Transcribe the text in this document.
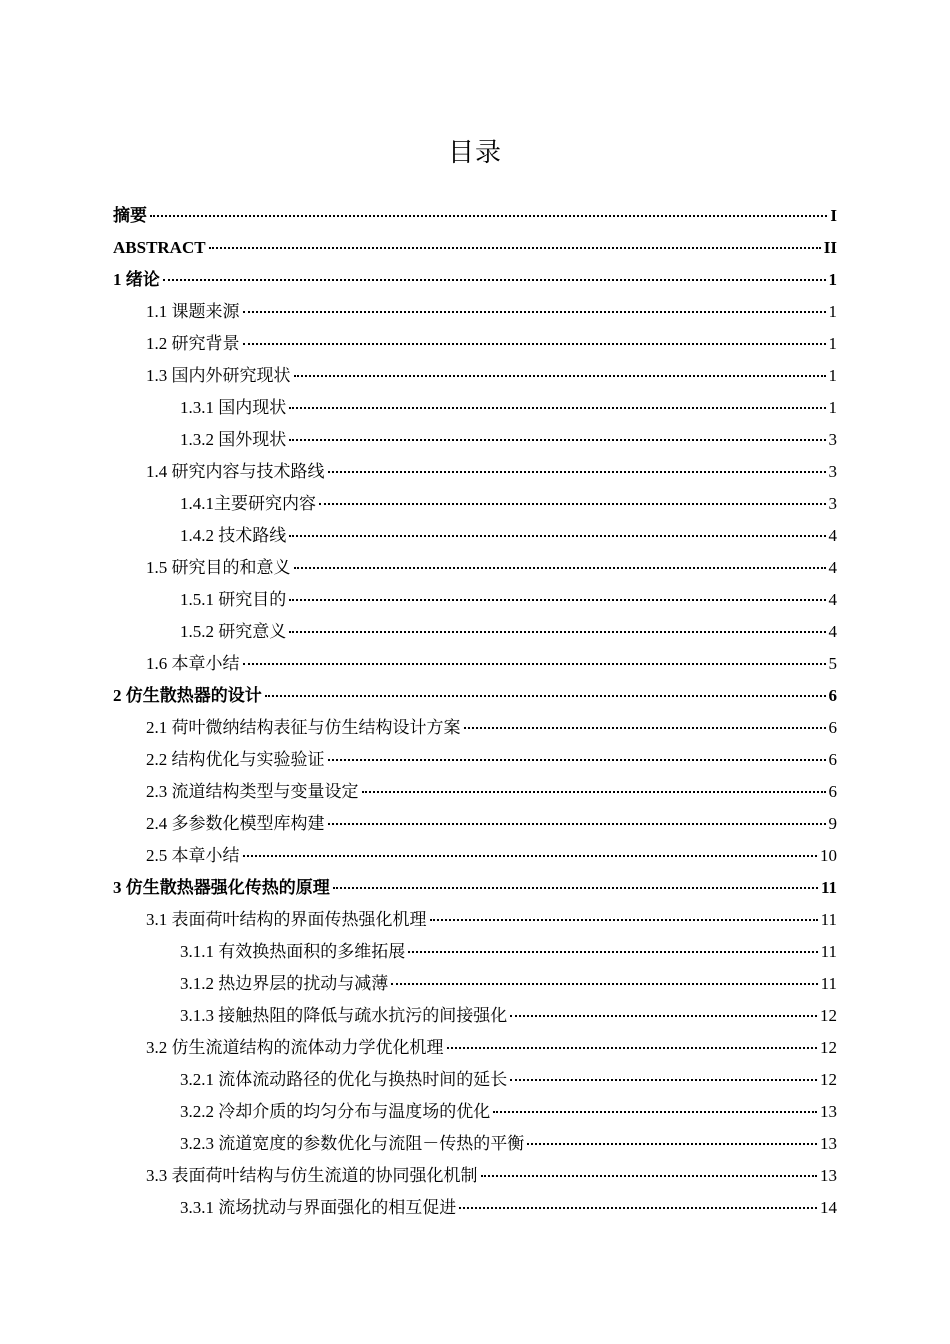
目录
摘要	I
ABSTRACT	II
1 绪论	1
1.1 课题来源	1
1.2 研究背景	1
1.3 国内外研究现状	1
1.3.1 国内现状	1
1.3.2 国外现状	3
1.4 研究内容与技术路线	3
1.4.1主要研究内容	3
1.4.2 技术路线	4
1.5 研究目的和意义	4
1.5.1 研究目的	4
1.5.2 研究意义	4
1.6 本章小结	5
2 仿生散热器的设计	6
2.1 荷叶微纳结构表征与仿生结构设计方案	6
2.2 结构优化与实验验证	6
2.3 流道结构类型与变量设定	6
2.4 多参数化模型库构建	9
2.5 本章小结	10
3 仿生散热器强化传热的原理	11
3.1 表面荷叶结构的界面传热强化机理	11
3.1.1 有效换热面积的多维拓展	11
3.1.2 热边界层的扰动与减薄	11
3.1.3 接触热阻的降低与疏水抗污的间接强化	12
3.2 仿生流道结构的流体动力学优化机理	12
3.2.1 流体流动路径的优化与换热时间的延长	12
3.2.2 冷却介质的均匀分布与温度场的优化	13
3.2.3 流道宽度的参数优化与流阻－传热的平衡	13
3.3 表面荷叶结构与仿生流道的协同强化机制	13
3.3.1 流场扰动与界面强化的相互促进	14
